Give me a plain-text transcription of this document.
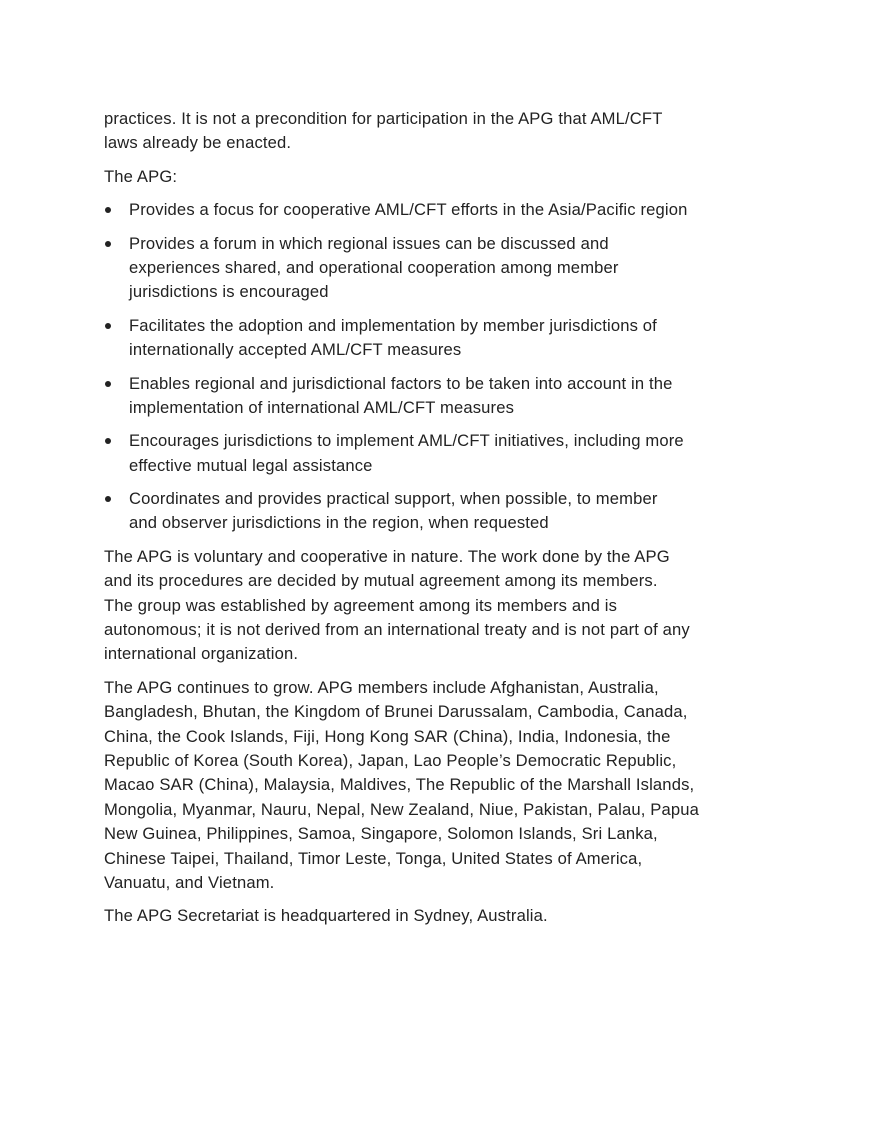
practices. It is not a precondition for participation in the APG that AML/CFT
laws already be enacted.

The APG:

Provides a focus for cooperative AML/CFT efforts in the Asia/Pacific region
Provides a forum in which regional issues can be discussed and
experiences shared, and operational cooperation among member
jurisdictions is encouraged
Facilitates the adoption and implementation by member jurisdictions of
internationally accepted AML/CFT measures
Enables regional and jurisdictional factors to be taken into account in the
implementation of international AML/CFT measures
Encourages jurisdictions to implement AML/CFT initiatives, including more
effective mutual legal assistance
Coordinates and provides practical support, when possible, to member
and observer jurisdictions in the region, when requested

The APG is voluntary and cooperative in nature. The work done by the APG
and its procedures are decided by mutual agreement among its members.
The group was established by agreement among its members and is
autonomous; it is not derived from an international treaty and is not part of any
international organization.

The APG continues to grow. APG members include Afghanistan, Australia,
Bangladesh, Bhutan, the Kingdom of Brunei Darussalam, Cambodia, Canada,
China, the Cook Islands, Fiji, Hong Kong SAR (China), India, Indonesia, the
Republic of Korea (South Korea), Japan, Lao People’s Democratic Republic,
Macao SAR (China), Malaysia, Maldives, The Republic of the Marshall Islands,
Mongolia, Myanmar, Nauru, Nepal, New Zealand, Niue, Pakistan, Palau, Papua
New Guinea, Philippines, Samoa, Singapore, Solomon Islands, Sri Lanka,
Chinese Taipei, Thailand, Timor Leste, Tonga, United States of America,
Vanuatu, and Vietnam.

The APG Secretariat is headquartered in Sydney, Australia.
